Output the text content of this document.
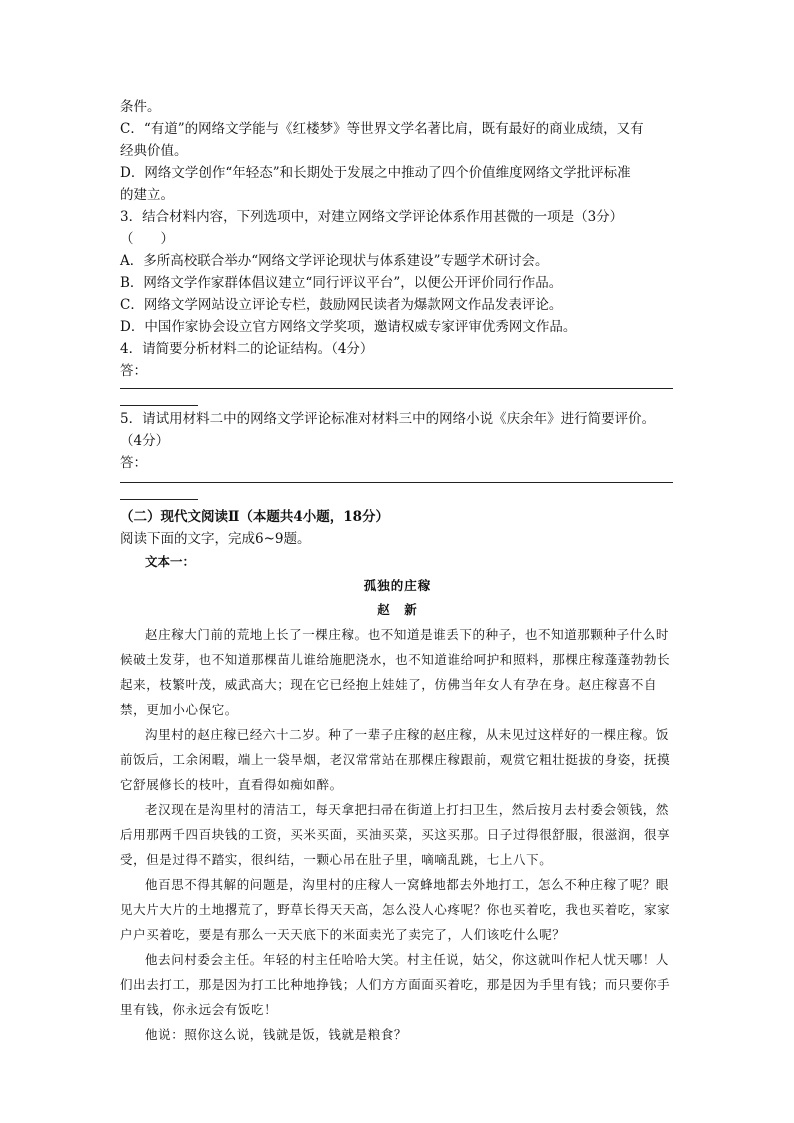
条件。
C．“有道”的网络文学能与《红楼梦》等世界文学名著比肩，既有最好的商业成绩，又有
经典价值。
D．网络文学创作“年轻态”和长期处于发展之中推动了四个价值维度网络文学批评标准
的建立。
3．结合材料内容，下列选项中，对建立网络文学评论体系作用甚微的一项是（3分）
（　　）
A．多所高校联合举办“网络文学评论现状与体系建设”专题学术研讨会。
B．网络文学作家群体倡议建立“同行评议平台”，以便公开评价同行作品。
C．网络文学网站设立评论专栏，鼓励网民读者为爆款网文作品发表评论。
D．中国作家协会设立官方网络文学奖项，邀请权威专家评审优秀网文作品。
4．请简要分析材料二的论证结构。（4分）
答：
5．请试用材料二中的网络文学评论标准对材料三中的网络小说《庆余年》进行简要评价。
（4分）
答：
（二）现代文阅读Ⅱ（本题共4小题，18分）
阅读下面的文字，完成6~9题。
文本一：
孤独的庄稼
赵　新

赵庄稼大门前的荒地上长了一棵庄稼。也不知道是谁丢下的种子，也不知道那颗种子什么时候破土发芽，也不知道那棵苗儿谁给施肥浇水，也不知道谁给呵护和照料，那棵庄稼蓬蓬勃勃长起来，枝繁叶茂，威武高大；现在它已经抱上娃娃了，仿佛当年女人有孕在身。赵庄稼喜不自禁，更加小心保它。

沟里村的赵庄稼已经六十二岁。种了一辈子庄稼的赵庄稼，从未见过这样好的一棵庄稼。饭前饭后，工余闲暇，端上一袋旱烟，老汉常常站在那棵庄稼跟前，观赏它粗壮挺拔的身姿，抚摸它舒展修长的枝叶，直看得如痴如醉。

老汉现在是沟里村的清洁工，每天拿把扫帚在街道上打扫卫生，然后按月去村委会领钱，然后用那两千四百块钱的工资，买米买面，买油买菜，买这买那。日子过得很舒服，很滋润，很享受，但是过得不踏实，很纠结，一颗心吊在肚子里，嘀嘀乱跳，七上八下。

他百思不得其解的问题是，沟里村的庄稼人一窝蜂地都去外地打工，怎么不种庄稼了呢？眼见大片大片的土地撂荒了，野草长得天天高，怎么没人心疼呢？你也买着吃，我也买着吃，家家户户买着吃，要是有那么一天天底下的米面卖光了卖完了，人们该吃什么呢？

他去问村委会主任。年轻的村主任哈哈大笑。村主任说，姑父，你这就叫作杞人忧天哪！人们出去打工，那是因为打工比种地挣钱；人们方方面面买着吃，那是因为手里有钱；而只要你手里有钱，你永远会有饭吃！

他说：照你这么说，钱就是饭，钱就是粮食？
